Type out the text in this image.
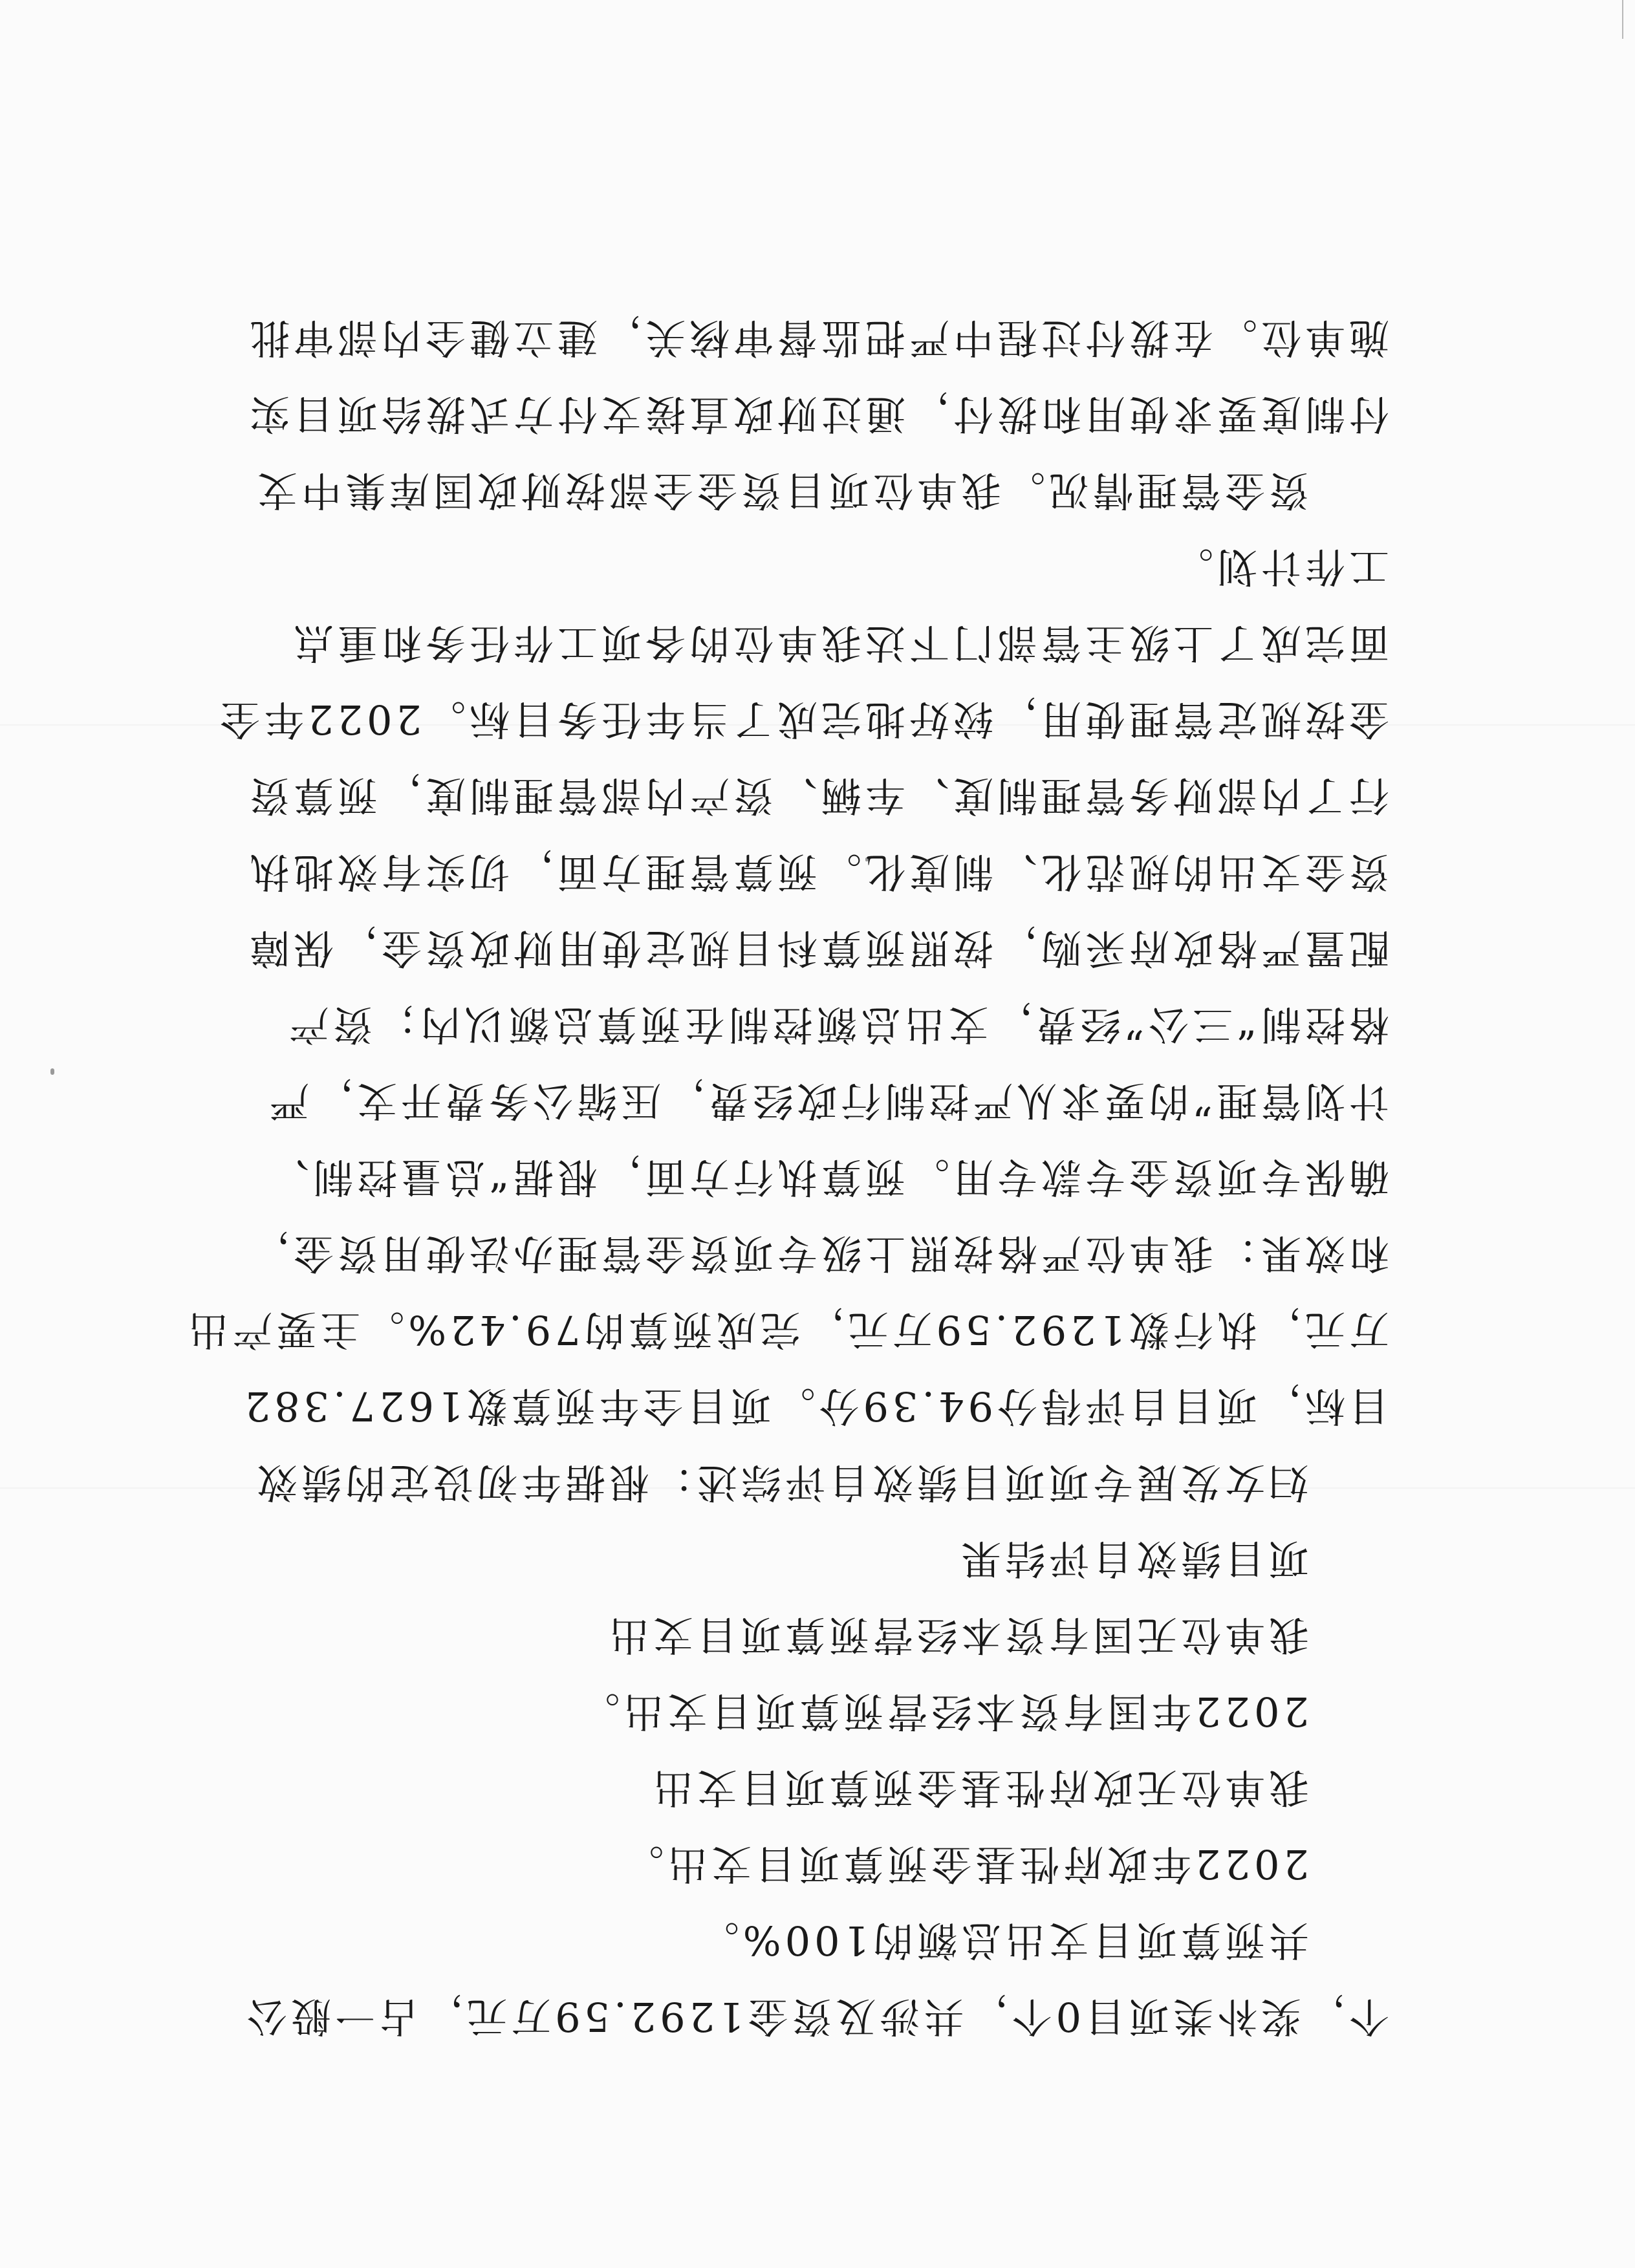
个，奖补类项目0个，共涉及资金1292.59万元，占一般公
共预算项目支出总额的100%。
2022年政府性基金预算项目支出。
我单位无政府性基金预算项目支出
2022年国有资本经营预算项目支出。
我单位无国有资本经营预算项目支出
项目绩效自评结果
妇女发展专项项目绩效自评综述：根据年初设定的绩效
目标，项目自评得分94.39分。项目全年预算数1627.382
万元，执行数1292.59万元，完成预算的79.42%。主要产出
和效果：我单位严格按照上级专项资金管理办法使用资金，
确保专项资金专款专用。预算执行方面，根据“总量控制、
计划管理”的要求从严控制行政经费，压缩公务费开支，严
格控制“三公”经费，支出总额控制在预算总额以内；资产
配置严格政府采购，按照预算科目规定使用财政资金，保障
资金支出的规范化、制度化。预算管理方面，切实有效地执
行了内部财务管理制度、车辆、资产内部管理制度，预算资
金按规定管理使用，较好地完成了当年任务目标。2022年全
面完成了上级主管部门下达我单位的各项工作任务和重点
工作计划。
资金管理情况。我单位项目资金全部按财政国库集中支
付制度要求使用和拨付，通过财政直接支付方式拨给项目实
施单位。在拨付过程中严把监督审核关，建立健全内部审批
